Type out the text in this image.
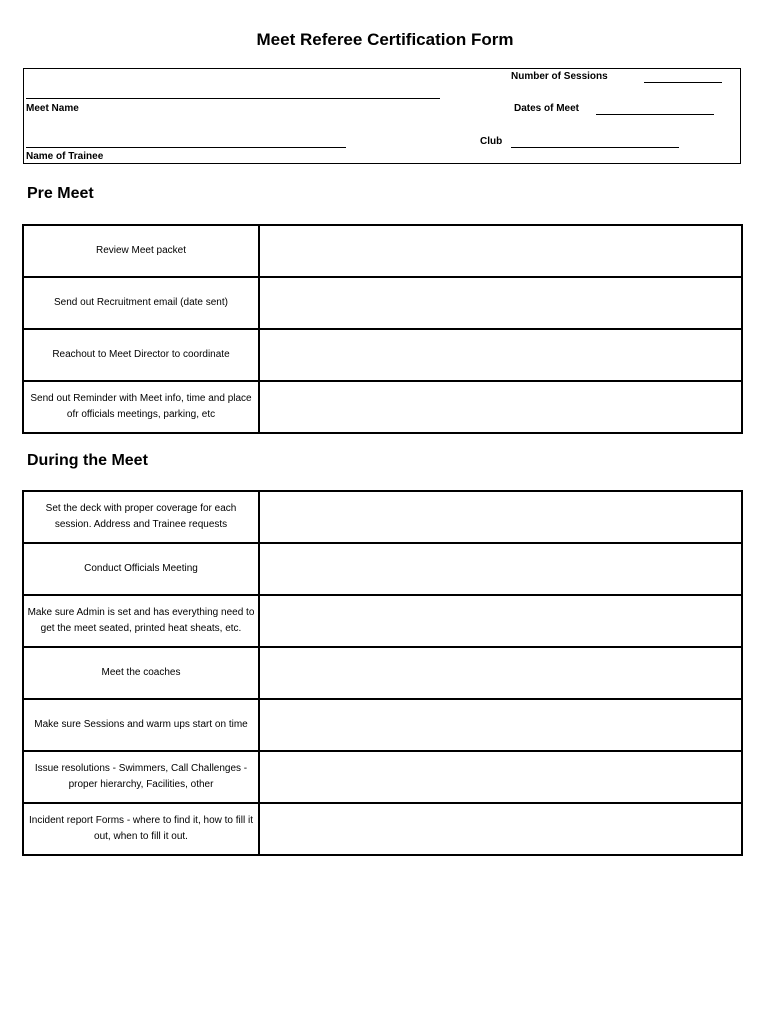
Meet Referee Certification Form
Number of Sessions
Meet Name	Dates of Meet
Club
Name of Trainee
Pre Meet
Review Meet packet
Send out Recruitment email (date sent)
Reachout to Meet Director to coordinate
Send out Reminder with Meet info, time and place ofr officials meetings, parking, etc
During the Meet
Set the deck with proper coverage for each session. Address and Trainee requests
Conduct Officials Meeting
Make sure Admin is set and has everything need to get the meet seated, printed heat sheats, etc.
Meet the coaches
Make sure Sessions and warm ups start on time
Issue resolutions - Swimmers, Call Challenges - proper hierarchy, Facilities, other
Incident report Forms - where to find it, how to fill it out, when to fill it out.
